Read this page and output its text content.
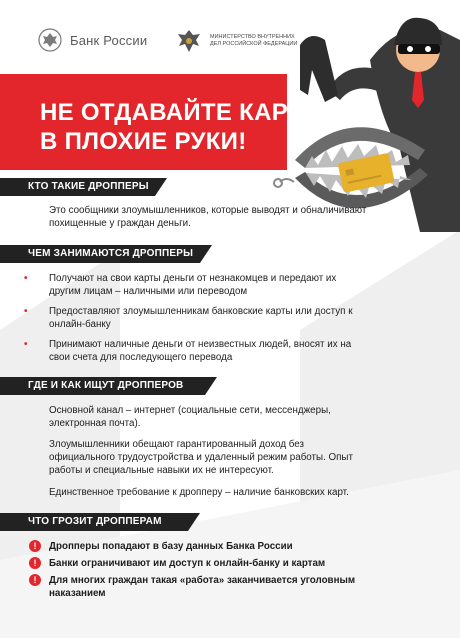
Банк России	МИНИСТЕРСТВО ВНУТРЕННИХ ДЕЛ РОССИЙСКОЙ ФЕДЕРАЦИИ
НЕ ОТДАВАЙТЕ КАРТУ
В ПЛОХИЕ РУКИ!
КТО ТАКИЕ ДРОППЕРЫ
Это сообщники злоумышленников, которые выводят и обналичивают похищенные у граждан деньги.
ЧЕМ ЗАНИМАЮТСЯ ДРОППЕРЫ
• Получают на свои карты деньги от незнакомцев и передают их другим лицам – наличными или переводом
• Предоставляют злоумышленникам банковские карты или доступ к онлайн-банку
• Принимают наличные деньги от неизвестных людей, вносят их на свои счета для последующего перевода
ГДЕ И КАК ИЩУТ ДРОППЕРОВ
Основной канал – интернет (социальные сети, мессенджеры, электронная почта).
Злоумышленники обещают гарантированный доход без официального трудоустройства и удаленный режим работы. Опыт работы и специальные навыки их не интересуют.
Единственное требование к дропперу – наличие банковских карт.
ЧТО ГРОЗИТ ДРОППЕРАМ
!	Дропперы попадают в базу данных Банка России
!	Банки ограничивают им доступ к онлайн-банку и картам
!	Для многих граждан такая «работа» заканчивается уголовным наказанием
